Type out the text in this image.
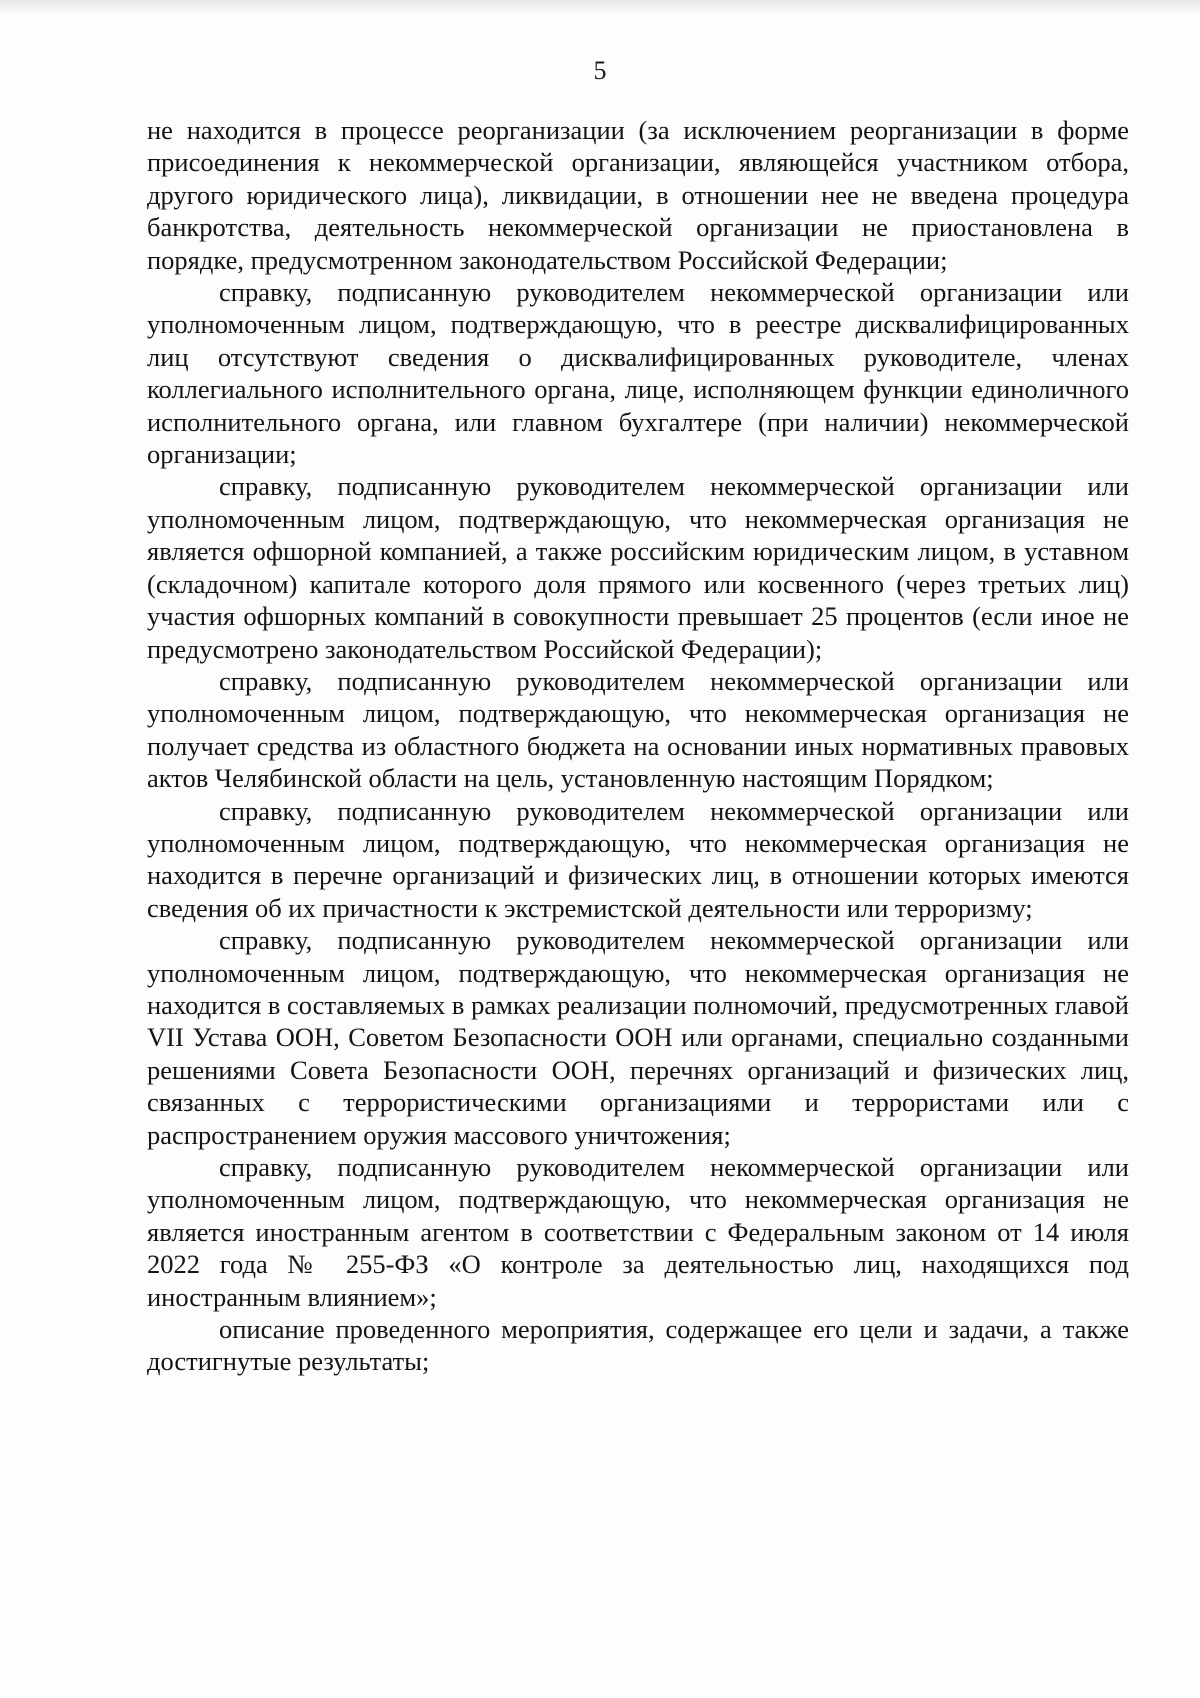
5

не находится в процессе реорганизации (за исключением реорганизации в форме присоединения к некоммерческой организации, являющейся участником отбора, другого юридического лица), ликвидации, в отношении нее не введена процедура банкротства, деятельность некоммерческой организации не приостановлена в порядке, предусмотренном законодательством Российской Федерации;

справку, подписанную руководителем некоммерческой организации или уполномоченным лицом, подтверждающую, что в реестре дисквалифицированных лиц отсутствуют сведения о дисквалифицированных руководителе, членах коллегиального исполнительного органа, лице, исполняющем функции единоличного исполнительного органа, или главном бухгалтере (при наличии) некоммерческой организации;

справку, подписанную руководителем некоммерческой организации или уполномоченным лицом, подтверждающую, что некоммерческая организация не является офшорной компанией, а также российским юридическим лицом, в уставном (складочном) капитале которого доля прямого или косвенного (через третьих лиц) участия офшорных компаний в совокупности превышает 25 процентов (если иное не предусмотрено законодательством Российской Федерации);

справку, подписанную руководителем некоммерческой организации или уполномоченным лицом, подтверждающую, что некоммерческая организация не получает средства из областного бюджета на основании иных нормативных правовых актов Челябинской области на цель, установленную настоящим Порядком;

справку, подписанную руководителем некоммерческой организации или уполномоченным лицом, подтверждающую, что некоммерческая организация не находится в перечне организаций и физических лиц, в отношении которых имеются сведения об их причастности к экстремистской деятельности или терроризму;

справку, подписанную руководителем некоммерческой организации или уполномоченным лицом, подтверждающую, что некоммерческая организация не находится в составляемых в рамках реализации полномочий, предусмотренных главой VII Устава ООН, Советом Безопасности ООН или органами, специально созданными решениями Совета Безопасности ООН, перечнях организаций и физических лиц, связанных с террористическими организациями и террористами или с распространением оружия массового уничтожения;

справку, подписанную руководителем некоммерческой организации или уполномоченным лицом, подтверждающую, что некоммерческая организация не является иностранным агентом в соответствии с Федеральным законом от 14 июля 2022 года № 255-ФЗ «О контроле за деятельностью лиц, находящихся под иностранным влиянием»;

описание проведенного мероприятия, содержащее его цели и задачи, а также достигнутые результаты;
